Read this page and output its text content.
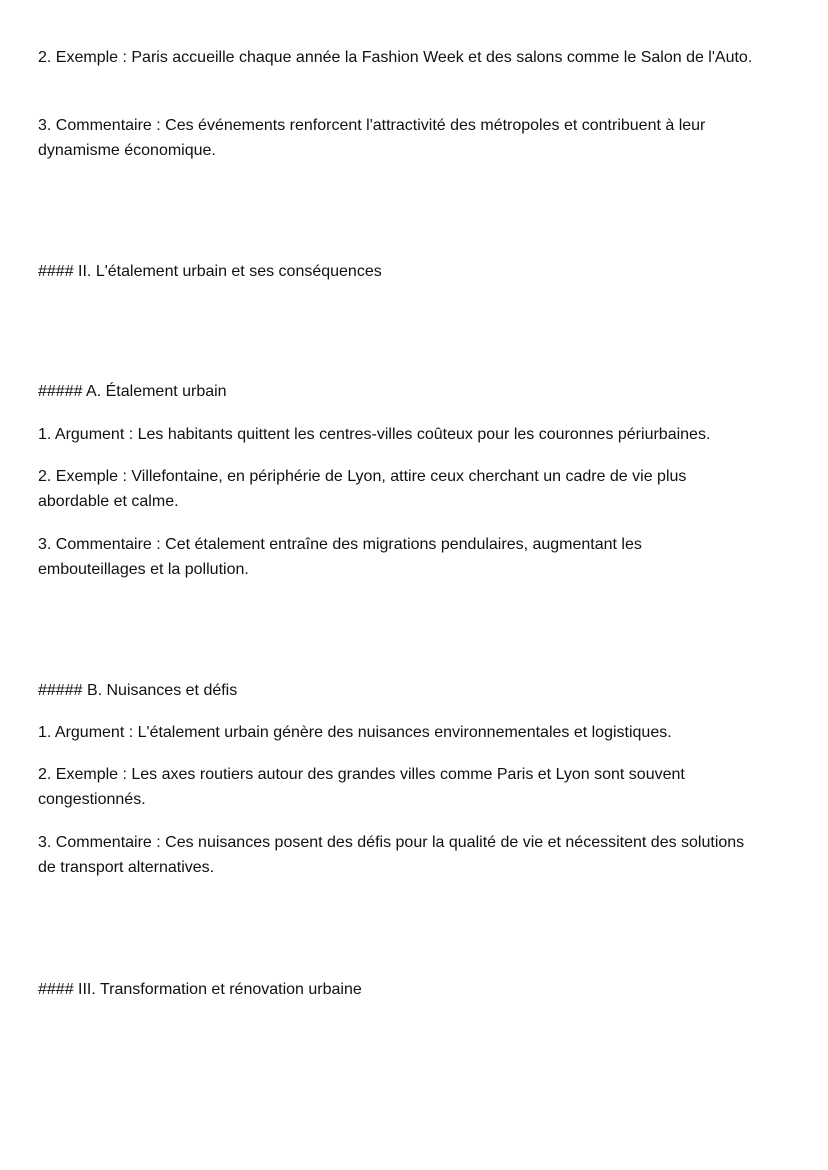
2. Exemple : Paris accueille chaque année la Fashion Week et des salons comme le Salon de l'Auto.

3. Commentaire : Ces événements renforcent l'attractivité des métropoles et contribuent à leur dynamisme économique.

#### II. L'étalement urbain et ses conséquences

##### A. Étalement urbain

1. Argument : Les habitants quittent les centres-villes coûteux pour les couronnes périurbaines.

2. Exemple : Villefontaine, en périphérie de Lyon, attire ceux cherchant un cadre de vie plus abordable et calme.

3. Commentaire : Cet étalement entraîne des migrations pendulaires, augmentant les embouteillages et la pollution.

##### B. Nuisances et défis

1. Argument : L'étalement urbain génère des nuisances environnementales et logistiques.

2. Exemple : Les axes routiers autour des grandes villes comme Paris et Lyon sont souvent congestionnés.

3. Commentaire : Ces nuisances posent des défis pour la qualité de vie et nécessitent des solutions de transport alternatives.

#### III. Transformation et rénovation urbaine
